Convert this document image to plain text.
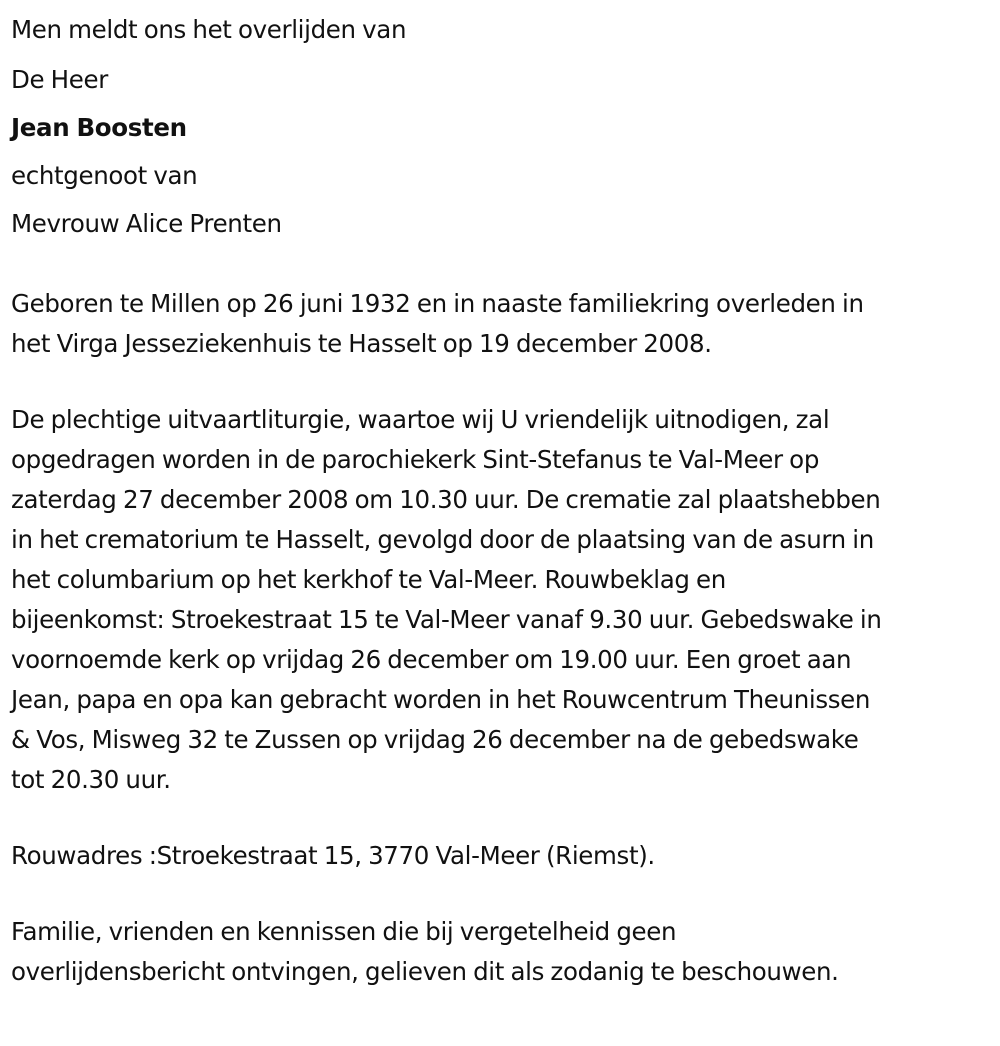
Men meldt ons het overlijden van
De Heer
Jean Boosten
echtgenoot van
Mevrouw Alice Prenten
Geboren te Millen op 26 juni 1932 en in naaste familiekring overleden in
het Virga Jesseziekenhuis te Hasselt op 19 december 2008.
De plechtige uitvaartliturgie, waartoe wij U vriendelijk uitnodigen, zal
opgedragen worden in de parochiekerk Sint-Stefanus te Val-Meer op
zaterdag 27 december 2008 om 10.30 uur. De crematie zal plaatshebben
in het crematorium te Hasselt, gevolgd door de plaatsing van de asurn in
het columbarium op het kerkhof te Val-Meer. Rouwbeklag en
bijeenkomst: Stroekestraat 15 te Val-Meer vanaf 9.30 uur. Gebedswake in
voornoemde kerk op vrijdag 26 december om 19.00 uur. Een groet aan
Jean, papa en opa kan gebracht worden in het Rouwcentrum Theunissen
& Vos, Misweg 32 te Zussen op vrijdag 26 december na de gebedswake
tot 20.30 uur.
Rouwadres :Stroekestraat 15, 3770 Val-Meer (Riemst).
Familie, vrienden en kennissen die bij vergetelheid geen
overlijdensbericht ontvingen, gelieven dit als zodanig te beschouwen.
